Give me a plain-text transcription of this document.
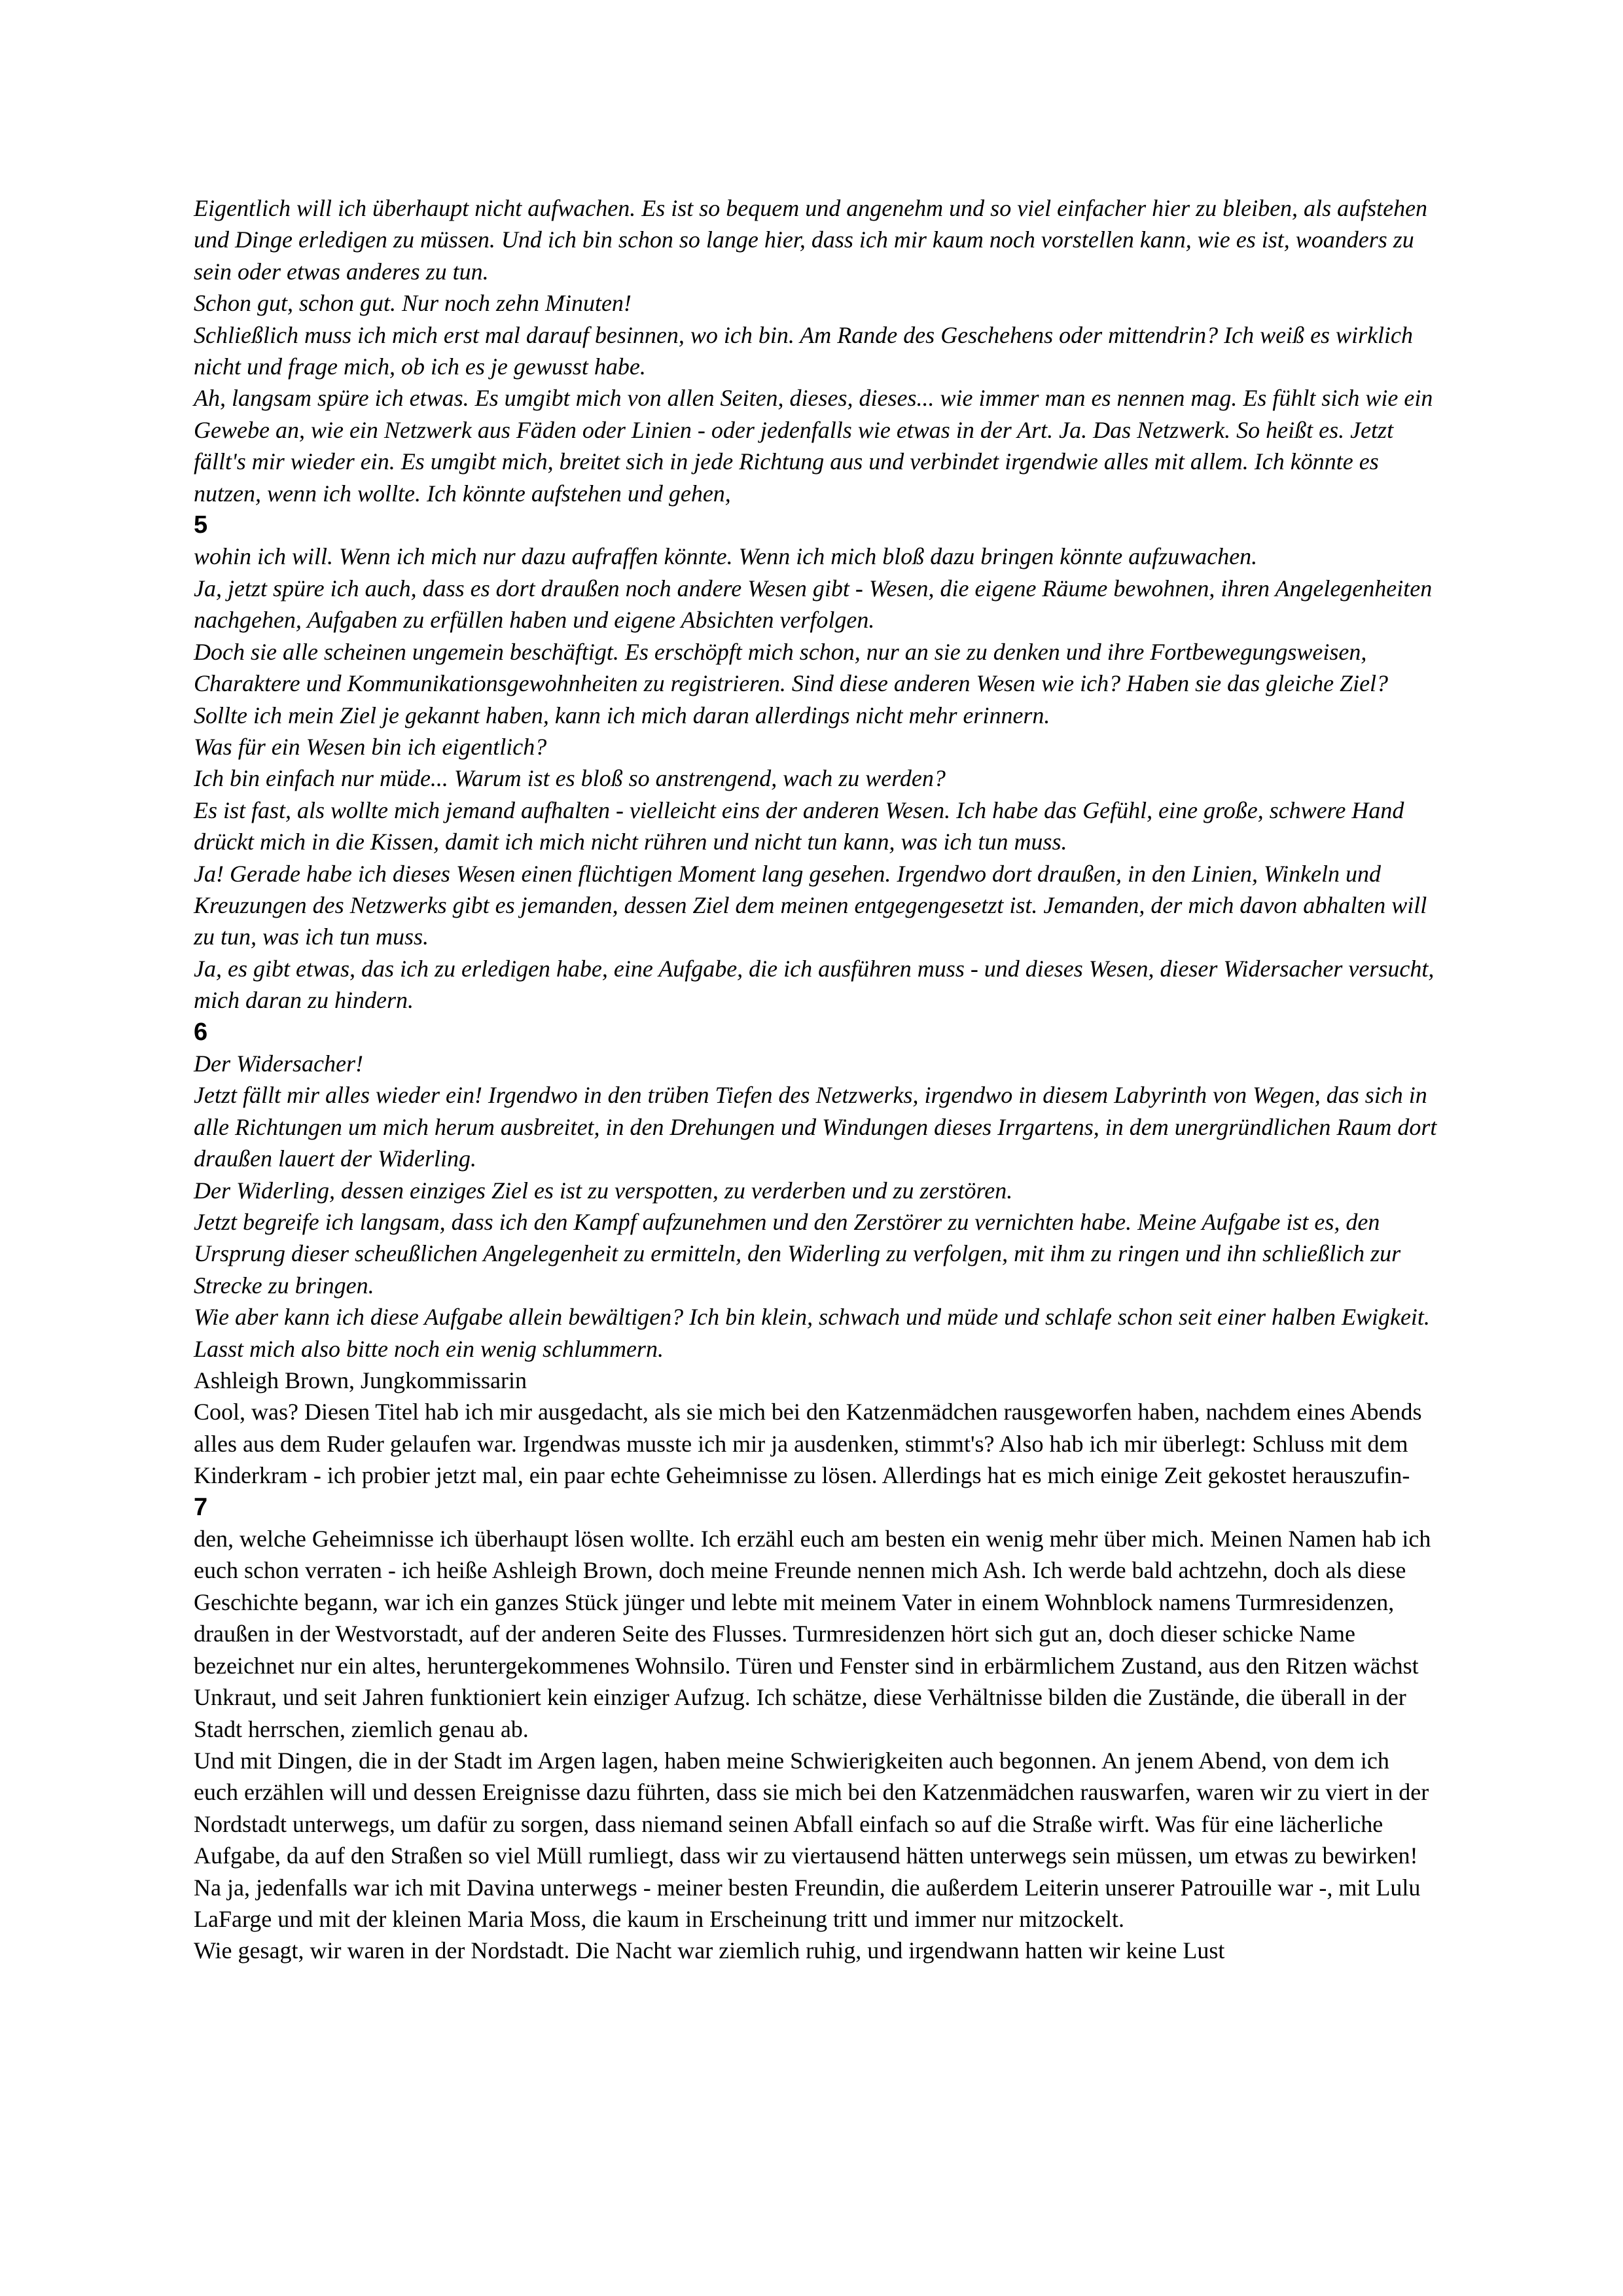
Eigentlich will ich überhaupt nicht aufwachen. Es ist so bequem und angenehm und so viel einfacher hier zu bleiben, als aufstehen und Dinge erledigen zu müssen. Und ich bin schon so lange hier, dass ich mir kaum noch vorstellen kann, wie es ist, woanders zu sein oder etwas anderes zu tun.

Schon gut, schon gut. Nur noch zehn Minuten!

Schließlich muss ich mich erst mal darauf besinnen, wo ich bin. Am Rande des Geschehens oder mittendrin? Ich weiß es wirklich nicht und frage mich, ob ich es je gewusst habe.

Ah, langsam spüre ich etwas. Es umgibt mich von allen Seiten, dieses, dieses... wie immer man es nennen mag. Es fühlt sich wie ein Gewebe an, wie ein Netzwerk aus Fäden oder Linien - oder jedenfalls wie etwas in der Art. Ja. Das Netzwerk. So heißt es. Jetzt fällt's mir wieder ein. Es umgibt mich, breitet sich in jede Richtung aus und verbindet irgendwie alles mit allem. Ich könnte es nutzen, wenn ich wollte. Ich könnte aufstehen und gehen,

5

wohin ich will. Wenn ich mich nur dazu aufraffen könnte. Wenn ich mich bloß dazu bringen könnte aufzuwachen.

Ja, jetzt spüre ich auch, dass es dort draußen noch andere Wesen gibt - Wesen, die eigene Räume bewohnen, ihren Angelegenheiten nachgehen, Aufgaben zu erfüllen haben und eigene Absichten verfolgen.

Doch sie alle scheinen ungemein beschäftigt. Es erschöpft mich schon, nur an sie zu denken und ihre Fortbewegungsweisen, Charaktere und Kommunikationsgewohnheiten zu registrieren. Sind diese anderen Wesen wie ich? Haben sie das gleiche Ziel? Sollte ich mein Ziel je gekannt haben, kann ich mich daran allerdings nicht mehr erinnern.

Was für ein Wesen bin ich eigentlich?

Ich bin einfach nur müde... Warum ist es bloß so anstrengend, wach zu werden?

Es ist fast, als wollte mich jemand aufhalten - vielleicht eins der anderen Wesen. Ich habe das Gefühl, eine große, schwere Hand drückt mich in die Kissen, damit ich mich nicht rühren und nicht tun kann, was ich tun muss.

Ja! Gerade habe ich dieses Wesen einen flüchtigen Moment lang gesehen. Irgendwo dort draußen, in den Linien, Winkeln und Kreuzungen des Netzwerks gibt es jemanden, dessen Ziel dem meinen entgegengesetzt ist. Jemanden, der mich davon abhalten will zu tun, was ich tun muss.

Ja, es gibt etwas, das ich zu erledigen habe, eine Aufgabe, die ich ausführen muss - und dieses Wesen, dieser Widersacher versucht, mich daran zu hindern.

6

Der Widersacher!

Jetzt fällt mir alles wieder ein! Irgendwo in den trüben Tiefen des Netzwerks, irgendwo in diesem Labyrinth von Wegen, das sich in alle Richtungen um mich herum ausbreitet, in den Drehungen und Windungen dieses Irrgartens, in dem unergründlichen Raum dort draußen lauert der Widerling.

Der Widerling, dessen einziges Ziel es ist zu verspotten, zu verderben und zu zerstören.

Jetzt begreife ich langsam, dass ich den Kampf aufzunehmen und den Zerstörer zu vernichten habe. Meine Aufgabe ist es, den Ursprung dieser scheußlichen Angelegenheit zu ermitteln, den Widerling zu verfolgen, mit ihm zu ringen und ihn schließlich zur Strecke zu bringen.

Wie aber kann ich diese Aufgabe allein bewältigen? Ich bin klein, schwach und müde und schlafe schon seit einer halben Ewigkeit.

Lasst mich also bitte noch ein wenig schlummern.

Ashleigh Brown, Jungkommissarin

Cool, was? Diesen Titel hab ich mir ausgedacht, als sie mich bei den Katzenmädchen rausgeworfen haben, nachdem eines Abends alles aus dem Ruder gelaufen war. Irgendwas musste ich mir ja ausdenken, stimmt's? Also hab ich mir überlegt: Schluss mit dem Kinderkram - ich probier jetzt mal, ein paar echte Geheimnisse zu lösen. Allerdings hat es mich einige Zeit gekostet herauszufin-

7

den, welche Geheimnisse ich überhaupt lösen wollte. Ich erzähl euch am besten ein wenig mehr über mich. Meinen Namen hab ich euch schon verraten - ich heiße Ashleigh Brown, doch meine Freunde nennen mich Ash. Ich werde bald achtzehn, doch als diese Geschichte begann, war ich ein ganzes Stück jünger und lebte mit meinem Vater in einem Wohnblock namens Turmresidenzen, draußen in der Westvorstadt, auf der anderen Seite des Flusses. Turmresidenzen hört sich gut an, doch dieser schicke Name bezeichnet nur ein altes, heruntergekommenes Wohnsilo. Türen und Fenster sind in erbärmlichem Zustand, aus den Ritzen wächst Unkraut, und seit Jahren funktioniert kein einziger Aufzug. Ich schätze, diese Verhältnisse bilden die Zustände, die überall in der Stadt herrschen, ziemlich genau ab.

Und mit Dingen, die in der Stadt im Argen lagen, haben meine Schwierigkeiten auch begonnen. An jenem Abend, von dem ich euch erzählen will und dessen Ereignisse dazu führten, dass sie mich bei den Katzenmädchen rauswarfen, waren wir zu viert in der Nordstadt unterwegs, um dafür zu sorgen, dass niemand seinen Abfall einfach so auf die Straße wirft. Was für eine lächerliche Aufgabe, da auf den Straßen so viel Müll rumliegt, dass wir zu viertausend hätten unterwegs sein müssen, um etwas zu bewirken! Na ja, jedenfalls war ich mit Davina unterwegs - meiner besten Freundin, die außerdem Leiterin unserer Patrouille war -, mit Lulu LaFarge und mit der kleinen Maria Moss, die kaum in Erscheinung tritt und immer nur mitzockelt.

Wie gesagt, wir waren in der Nordstadt. Die Nacht war ziemlich ruhig, und irgendwann hatten wir keine Lust
